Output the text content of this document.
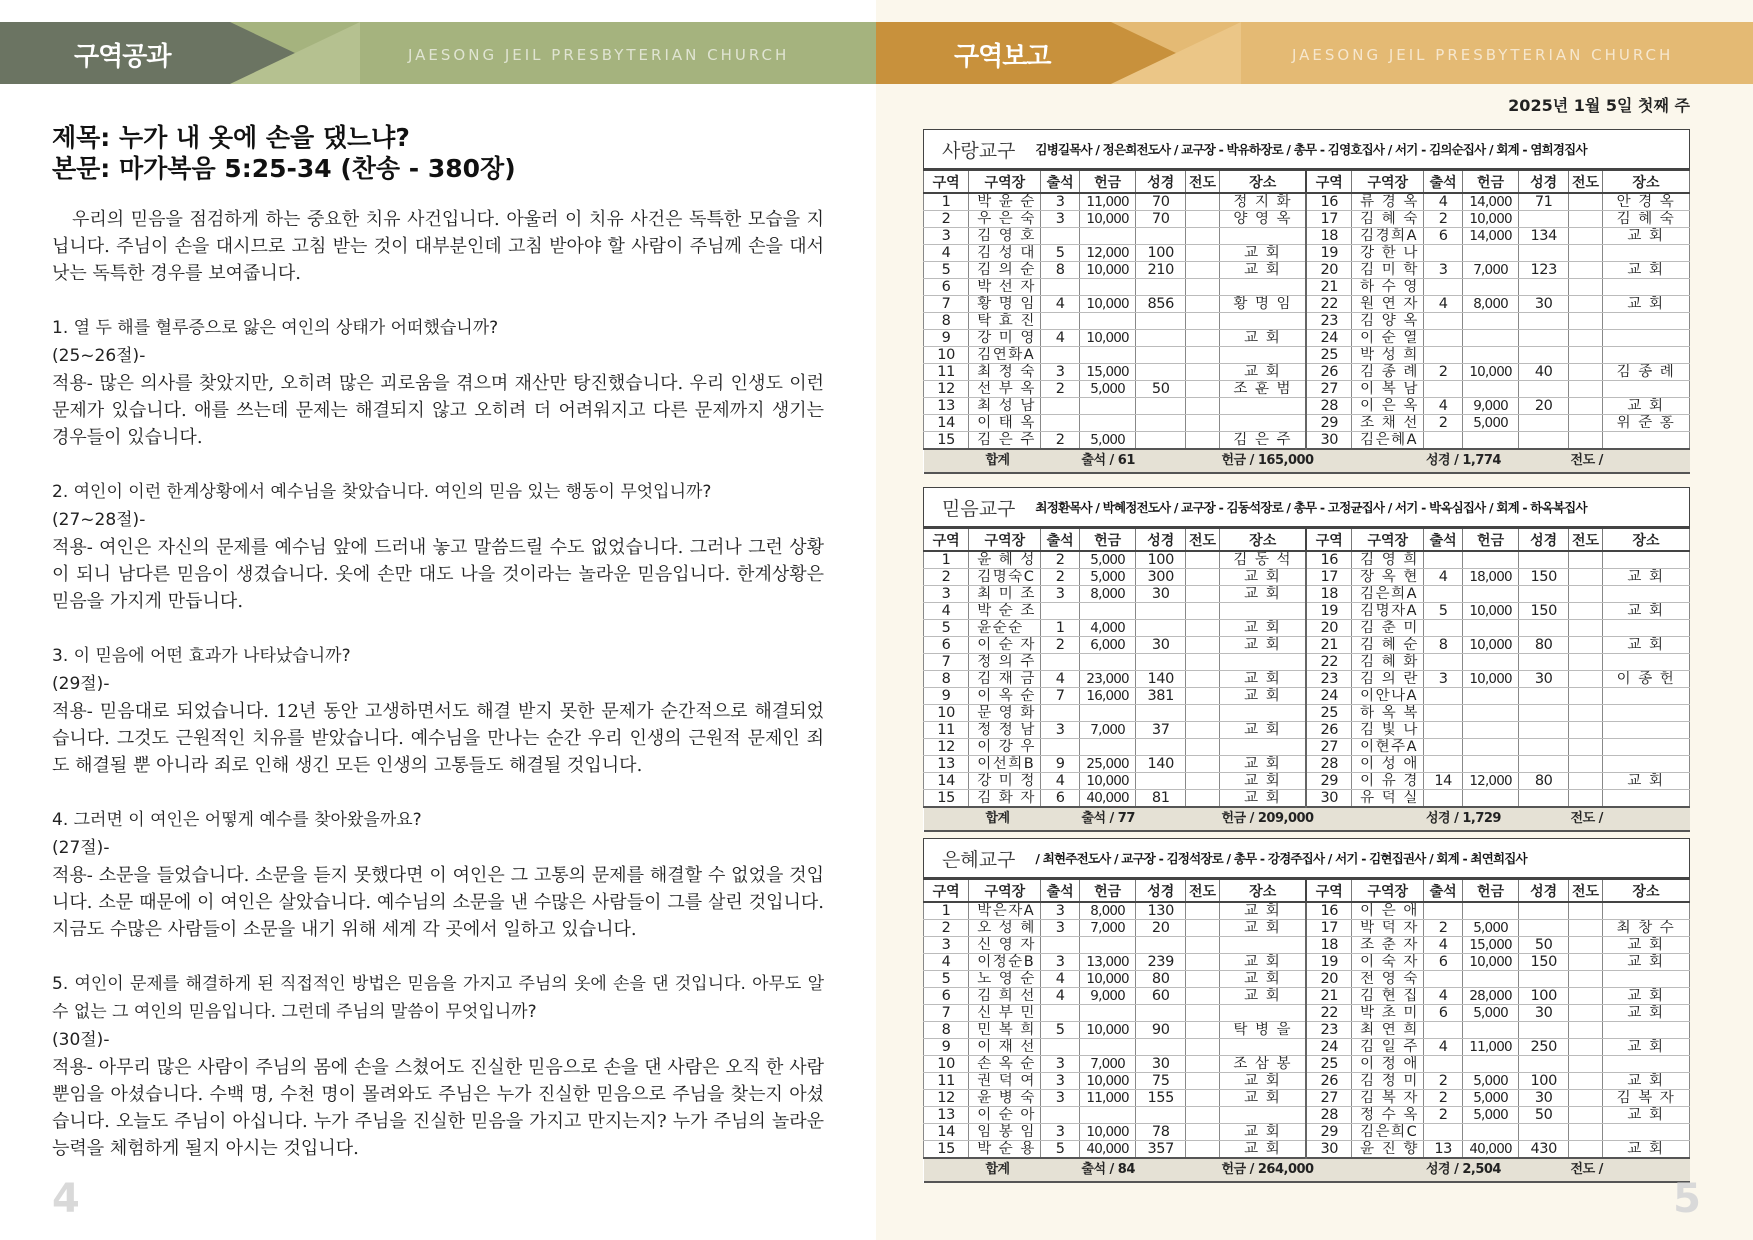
구역공과	JAESONG JEIL PRESBYTERIAN CHURCH
제목: 누가 내 옷에 손을 댔느냐?
본문: 마가복음 5:25-34 (찬송 - 380장)

우리의 믿음을 점검하게 하는 중요한 치유 사건입니다. 아울러 이 치유 사건은 독특한 모습을 지닙니다. 주님이 손을 대시므로 고침 받는 것이 대부분인데 고침 받아야 할 사람이 주님께 손을 대서 낫는 독특한 경우를 보여줍니다.

1. 열 두 해를 혈루증으로 앓은 여인의 상태가 어떠했습니까?
(25~26절)-
적용- 많은 의사를 찾았지만, 오히려 많은 괴로움을 겪으며 재산만 탕진했습니다. 우리 인생도 이런 문제가 있습니다. 애를 쓰는데 문제는 해결되지 않고 오히려 더 어려워지고 다른 문제까지 생기는 경우들이 있습니다.

2. 여인이 이런 한계상황에서 예수님을 찾았습니다. 여인의 믿음 있는 행동이 무엇입니까?
(27~28절)-
적용- 여인은 자신의 문제를 예수님 앞에 드러내 놓고 말씀드릴 수도 없었습니다. 그러나 그런 상황이 되니 남다른 믿음이 생겼습니다. 옷에 손만 대도 나을 것이라는 놀라운 믿음입니다. 한계상황은 믿음을 가지게 만듭니다.

3. 이 믿음에 어떤 효과가 나타났습니까?
(29절)-
적용- 믿음대로 되었습니다. 12년 동안 고생하면서도 해결 받지 못한 문제가 순간적으로 해결되었습니다. 그것도 근원적인 치유를 받았습니다. 예수님을 만나는 순간 우리 인생의 근원적 문제인 죄도 해결될 뿐 아니라 죄로 인해 생긴 모든 인생의 고통들도 해결될 것입니다.

4. 그러면 이 여인은 어떻게 예수를 찾아왔을까요?
(27절)-
적용- 소문을 들었습니다. 소문을 듣지 못했다면 이 여인은 그 고통의 문제를 해결할 수 없었을 것입니다. 소문 때문에 이 여인은 살았습니다. 예수님의 소문을 낸 수많은 사람들이 그를 살린 것입니다. 지금도 수많은 사람들이 소문을 내기 위해 세계 각 곳에서 일하고 있습니다.

5. 여인이 문제를 해결하게 된 직접적인 방법은 믿음을 가지고 주님의 옷에 손을 댄 것입니다. 아무도 알 수 없는 그 여인의 믿음입니다. 그런데 주님의 말씀이 무엇입니까?
(30절)-
적용- 아무리 많은 사람이 주님의 몸에 손을 스쳤어도 진실한 믿음으로 손을 댄 사람은 오직 한 사람뿐임을 아셨습니다. 수백 명, 수천 명이 몰려와도 주님은 누가 진실한 믿음으로 주님을 찾는지 아셨습니다. 오늘도 주님이 아십니다. 누가 주님을 진실한 믿음을 가지고 만지는지? 누가 주님의 놀라운 능력을 체험하게 될지 아시는 것입니다.

4
구역보고	JAESONG JEIL PRESBYTERIAN CHURCH
2025년 1월 5일 첫째 주
사랑교구 김병길목사 / 정은희전도사 / 교구장 - 박유하장로 / 총무 - 김영호집사 / 서기 - 김의순집사 / 회계 - 염희경집사
구역	구역장	출석	헌금	성경	전도	장소	구역	구역장	출석	헌금	성경	전도	장소
1	박 윤 순	3	11,000	70		정 지 화	16	류 경 옥	4	14,000	71		안 경 옥
2	우 은 숙	3	10,000	70		양 영 옥	17	김 혜 숙	2	10,000			김 혜 숙
3	김 영 호						18	김경희A	6	14,000	134		교 회
4	김 성 대	5	12,000	100		교 회	19	강 한 나					
5	김 의 순	8	10,000	210		교 회	20	김 미 학	3	7,000	123		교 회
6	박 선 자						21	하 수 영					
7	황 명 임	4	10,000	856		황 명 임	22	원 연 자	4	8,000	30		교 회
8	탁 효 진						23	김 양 옥					
9	강 미 영	4	10,000			교 회	24	이 순 열					
10	김연화A						25	박 성 희					
11	최 정 숙	3	15,000			교 회	26	김 종 례	2	10,000	40		김 종 례
12	선 부 옥	2	5,000	50		조 훈 범	27	이 복 남					
13	최 성 남						28	이 은 옥	4	9,000	20		교 회
14	이 태 옥						29	조 채 선	2	5,000			위 준 홍
15	김 은 주	2	5,000			김 은 주	30	김은혜A					
합계			출석 / 61			헌금 / 165,000			성경 / 1,774			전도 /	
믿음교구 최정환목사 / 박혜정전도사 / 교구장 - 김동석장로 / 총무 - 고정균집사 / 서기 - 박옥심집사 / 회계 - 하옥복집사
구역	구역장	출석	헌금	성경	전도	장소	구역	구역장	출석	헌금	성경	전도	장소
1	윤 혜 성	2	5,000	100		김 동 석	16	김 영 희					
2	김명숙C	2	5,000	300		교 회	17	장 옥 현	4	18,000	150		교 회
3	최 미 조	3	8,000	30		교 회	18	김은희A					
4	박 순 조						19	김명자A	5	10,000	150		교 회
5	윤순순	1	4,000			교 회	20	김 춘 미					
6	이 순 자	2	6,000	30		교 회	21	김 혜 순	8	10,000	80		교 회
7	정 의 주						22	김 혜 화					
8	김 재 금	4	23,000	140		교 회	23	김 의 란	3	10,000	30		이 종 헌
9	이 옥 순	7	16,000	381		교 회	24	이안나A					
10	문 영 화						25	하 옥 복					
11	정 정 남	3	7,000	37		교 회	26	김 빛 나					
12	이 강 우						27	이현주A					
13	이선희B	9	25,000	140		교 회	28	이 성 애					
14	강 미 정	4	10,000			교 회	29	이 유 경	14	12,000	80		교 회
15	김 화 자	6	40,000	81		교 회	30	유 덕 실					
합계			출석 / 77			헌금 / 209,000			성경 / 1,729			전도 /	
은혜교구 / 최현주전도사 / 교구장 - 김정석장로 / 총무 - 강경주집사 / 서기 - 김현집권사 / 회계 - 최연희집사
구역	구역장	출석	헌금	성경	전도	장소	구역	구역장	출석	헌금	성경	전도	장소
1	박은자A	3	8,000	130		교 회	16	이 은 애					
2	오 성 혜	3	7,000	20		교 회	17	박 덕 자	2	5,000			최 창 수
3	신 영 자						18	조 춘 자	4	15,000	50		교 회
4	이정순B	3	13,000	239		교 회	19	이 숙 자	6	10,000	150		교 회
5	노 영 순	4	10,000	80		교 회	20	전 영 숙					
6	김 희 선	4	9,000	60		교 회	21	김 현 집	4	28,000	100		교 회
7	신 부 민						22	박 초 미	6	5,000	30		교 회
8	민 복 희	5	10,000	90		탁 병 을	23	최 연 희					
9	이 재 선						24	김 일 주	4	11,000	250		교 회
10	손 옥 순	3	7,000	30		조 삼 봉	25	이 정 애					
11	권 덕 여	3	10,000	75		교 회	26	김 정 미	2	5,000	100		교 회
12	윤 병 숙	3	11,000	155		교 회	27	김 복 자	2	5,000	30		김 복 자
13	이 순 아						28	정 수 옥	2	5,000	50		교 회
14	임 봉 임	3	10,000	78		교 회	29	김은희C					
15	박 순 용	5	40,000	357		교 회	30	윤 진 향	13	40,000	430		교 회
합계			출석 / 84			헌금 / 264,000			성경 / 2,504			전도 /	
5
